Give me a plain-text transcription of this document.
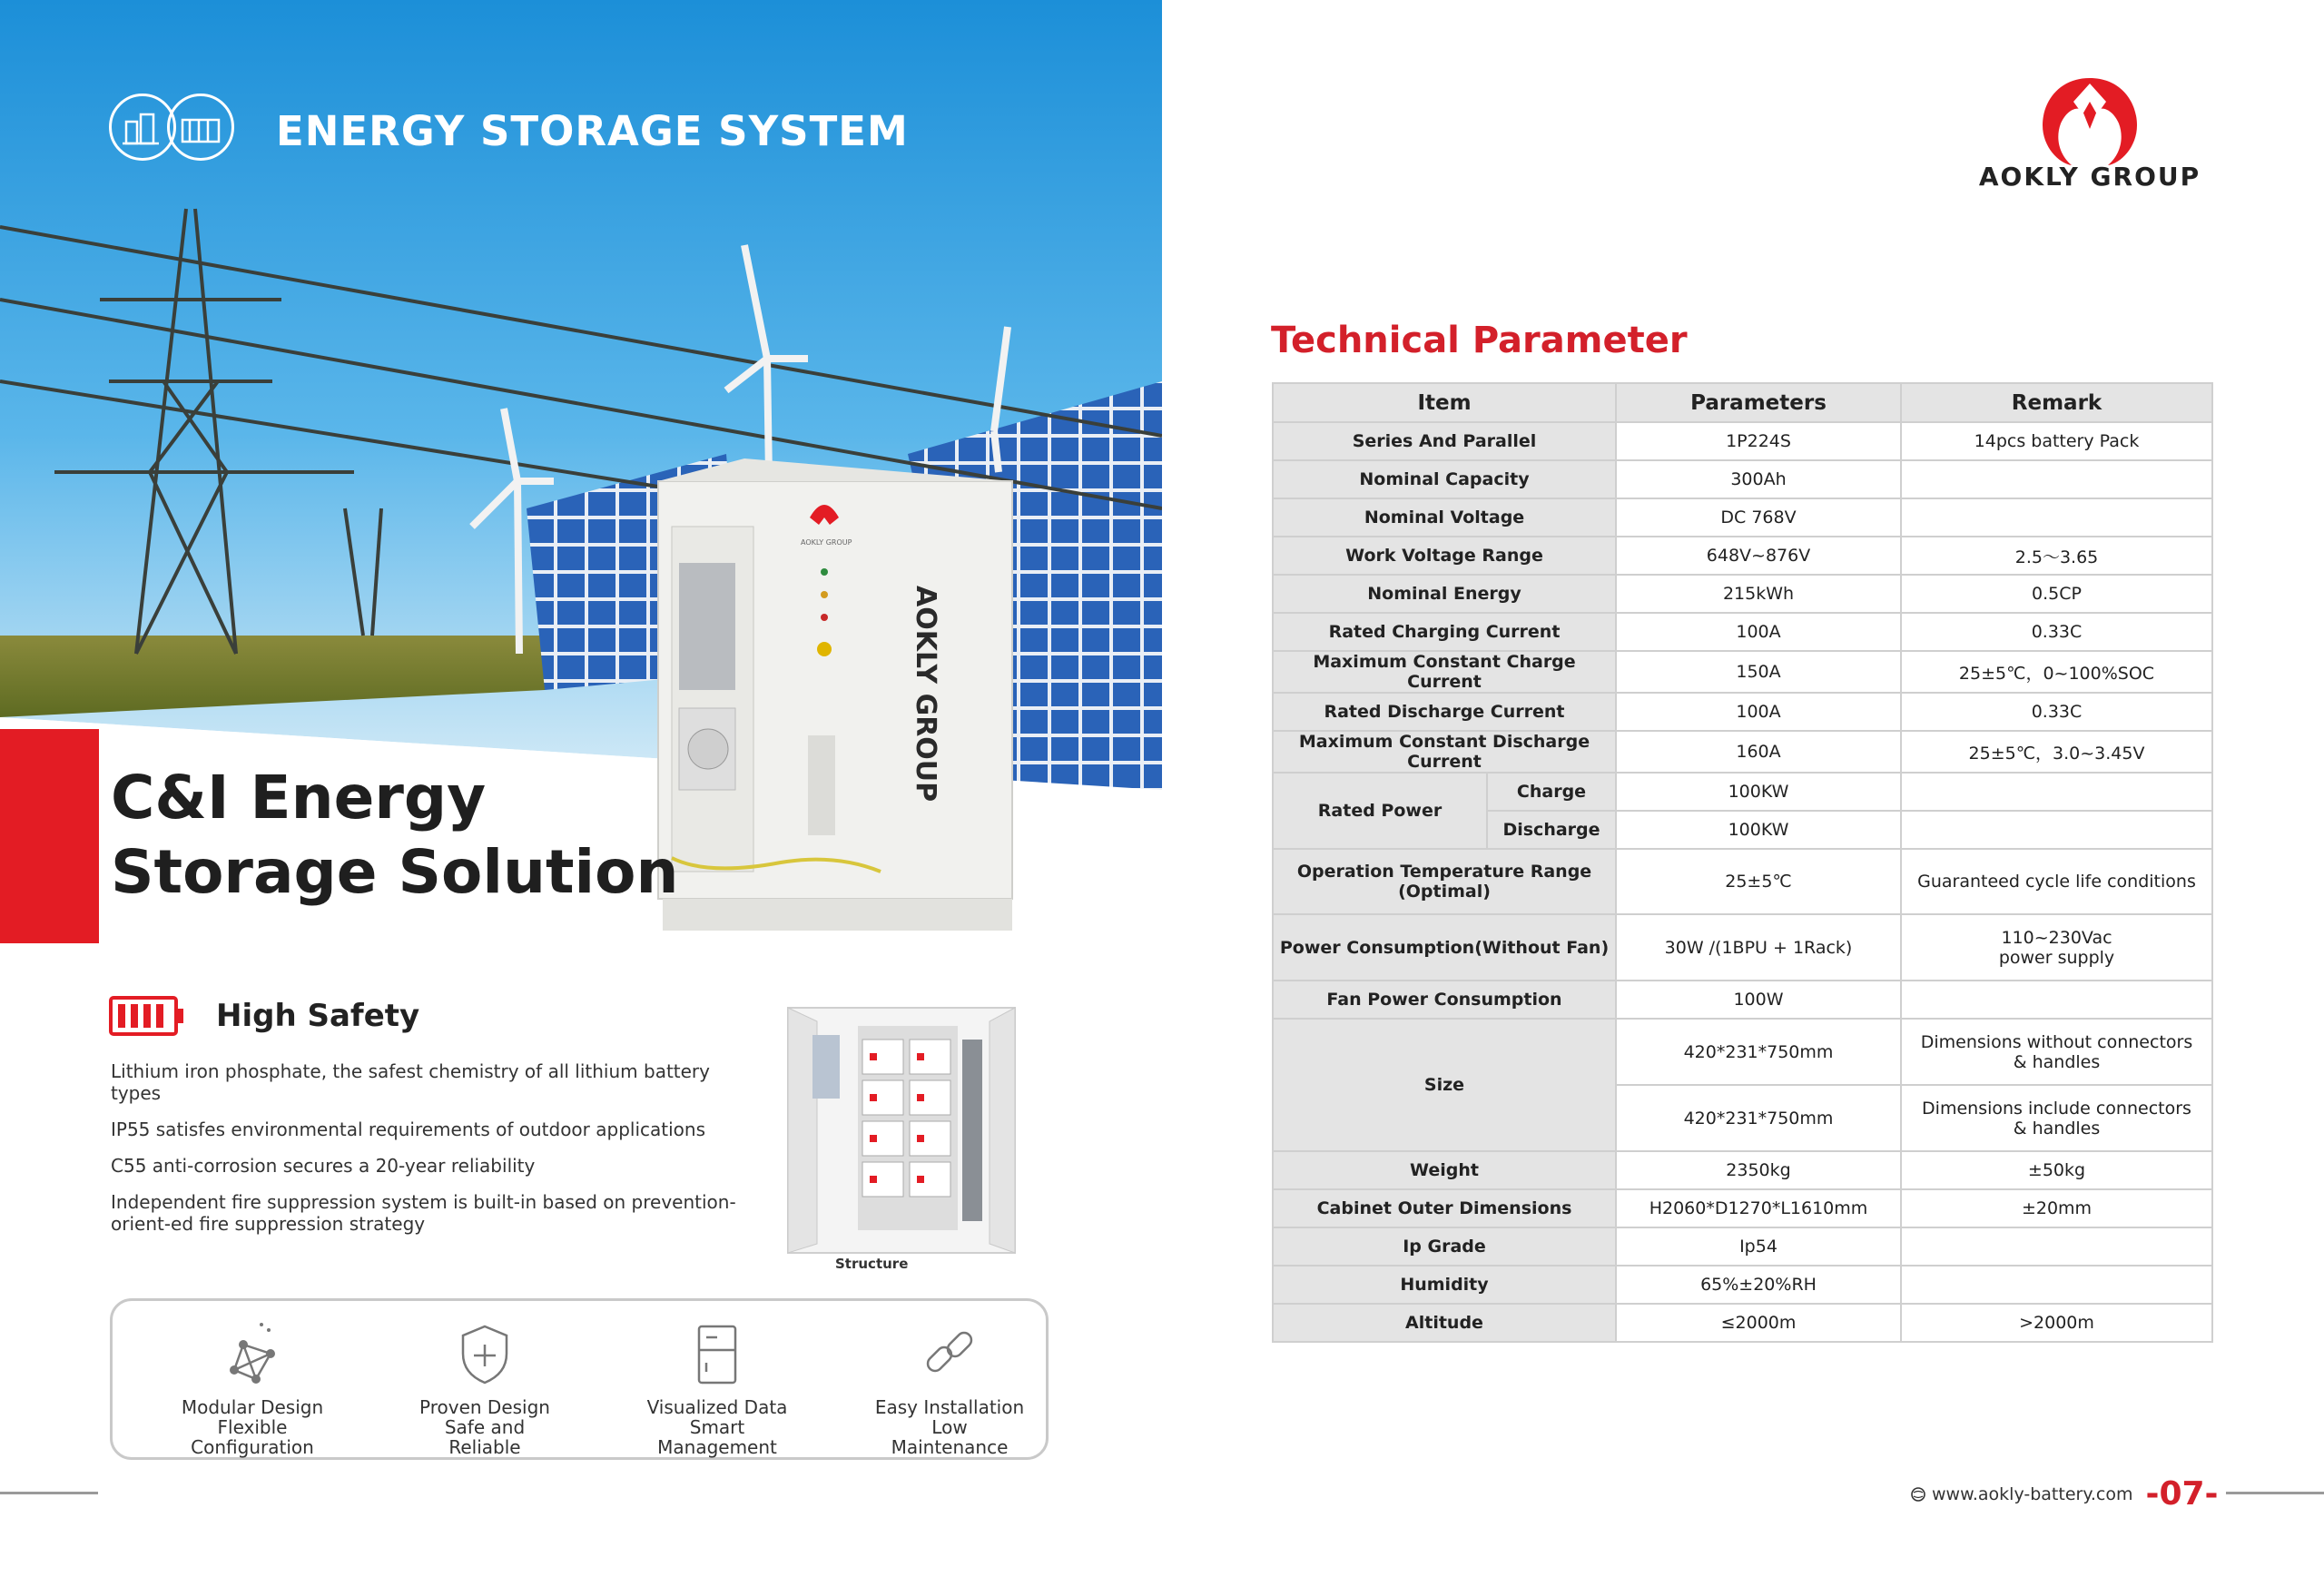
AOKLY GROUP
AOKLY GROUP
ENERGY STORAGE SYSTEM
C&I Energy
Storage Solution
High Safety

Lithium iron phosphate, the safest chemistry of all lithium battery types

IP55 satisfes environmental requirements of outdoor applications

C55 anti-corrosion secures a 20-year reliability

Independent fire suppression system is built-in based on prevention-orient-ed fire suppression strategy

Structure
Modular Design
Flexible
Configuration
Proven Design
Safe and
Reliable
Visualized Data
Smart
Management
Easy Installation
Low
Maintenance
AOKLY GROUP
Technical Parameter
Item		Parameters	Remark
Series And Parallel		1P224S	14pcs battery Pack
Nominal Capacity		300Ah	
Nominal Voltage		DC 768V	
Work Voltage Range		648V~876V	2.5～3.65
Nominal Energy		215kWh	0.5CP
Rated Charging Current		100A	0.33C
Maximum Constant Charge Current		150A	25±5℃，0~100%SOC
Rated Discharge Current		100A	0.33C
Maximum Constant Discharge Current		160A	25±5℃，3.0~3.45V
Rated Power	Charge	100KW	
	Discharge	100KW	

Operation Temperature Range
(Optimal)		25±5℃	Guaranteed cycle life conditions
Power Consumption(Without Fan)		30W /(1BPU + 1Rack)	110~230Vac
power supply

Fan Power Consumption		100W	
Size		420*231*750mm	Dimensions without connectors
& handles

		420*231*750mm	Dimensions include connectors
& handles

Weight		2350kg	±50kg
Cabinet Outer Dimensions		H2060*D1270*L1610mm	±20mm
Ip Grade		Ip54	
Humidity		65%±20%RH	
Altitude		≤2000m	>2000m
www.aokly-battery.com -07-
